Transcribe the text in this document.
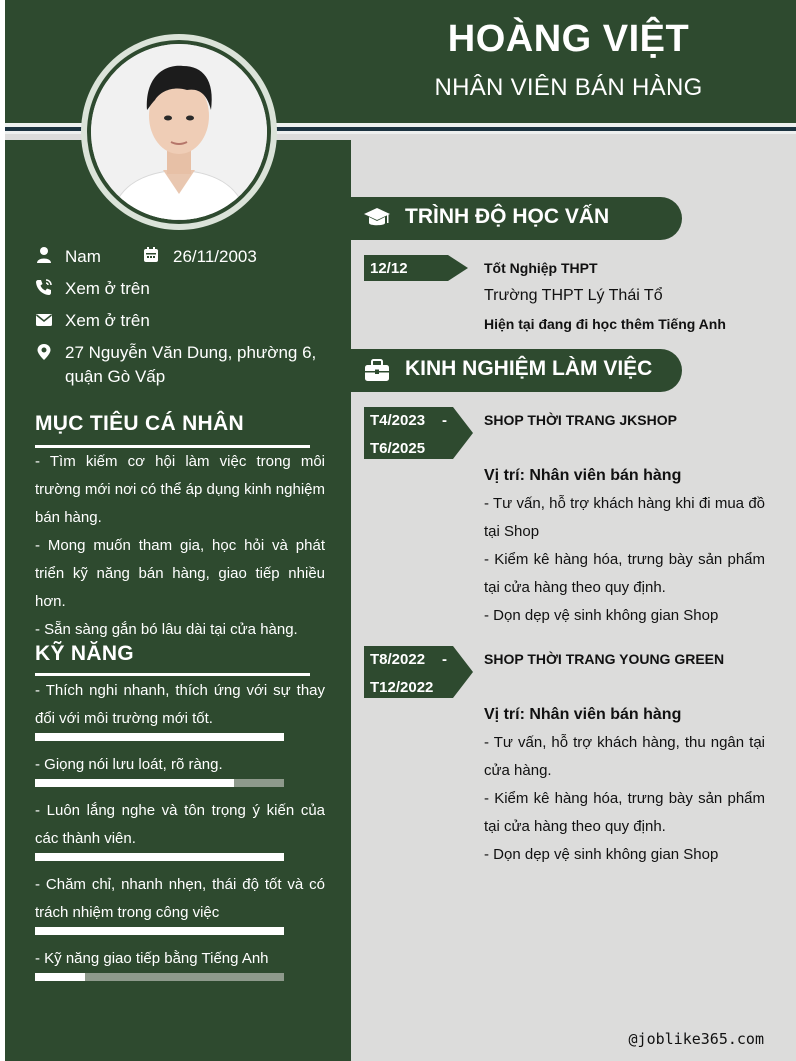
HOÀNG VIỆT
NHÂN VIÊN BÁN HÀNG
Nam	26/11/2003
Xem ở trên
Xem ở trên
27 Nguyễn Văn Dung, phường 6,
quận Gò Vấp
MỤC TIÊU CÁ NHÂN
- Tìm kiếm cơ hội làm việc trong môi trường mới nơi có thể áp dụng kinh nghiệm bán hàng.
- Mong muốn tham gia, học hỏi và phát triển kỹ năng bán hàng, giao tiếp nhiều hơn.
- Sẵn sàng gắn bó lâu dài tại cửa hàng.
KỸ NĂNG
- Thích nghi nhanh, thích ứng với sự thay đổi với môi trường mới tốt.
- Giọng nói lưu loát, rõ ràng.
- Luôn lắng nghe và tôn trọng ý kiến của các thành viên.
- Chăm chỉ, nhanh nhẹn, thái độ tốt và có trách nhiệm trong công việc
- Kỹ năng giao tiếp bằng Tiếng Anh
TRÌNH ĐỘ HỌC VẤN
12/12	Tốt Nghiệp THPT
Trường THPT Lý Thái Tổ
Hiện tại đang đi học thêm Tiếng Anh
KINH NGHIỆM LÀM VIỆC
T4/2023 -
T6/2025
SHOP THỜI TRANG JKSHOP
Vị trí: Nhân viên bán hàng
- Tư vấn, hỗ trợ khách hàng khi đi mua đồ tại Shop
- Kiểm kê hàng hóa, trưng bày sản phẩm tại cửa hàng theo quy định.
- Dọn dẹp vệ sinh không gian Shop
T8/2022 -
T12/2022
SHOP THỜI TRANG YOUNG GREEN
Vị trí: Nhân viên bán hàng
- Tư vấn, hỗ trợ khách hàng, thu ngân tại cửa hàng.
- Kiểm kê hàng hóa, trưng bày sản phẩm tại cửa hàng theo quy định.
- Dọn dẹp vệ sinh không gian Shop
@joblike365.com
